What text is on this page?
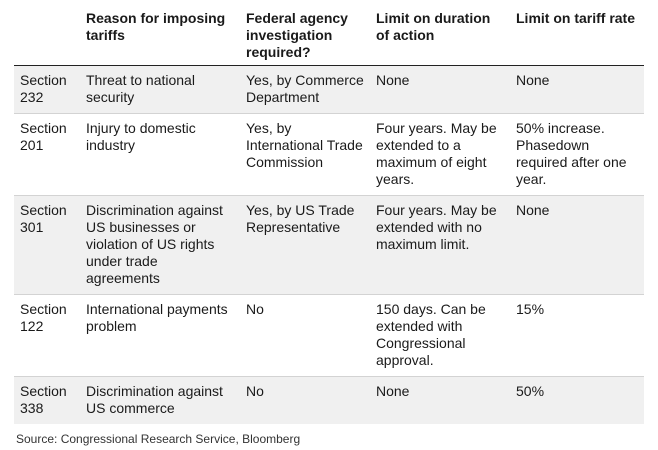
	Reason for imposing tariffs	Federal agency investigation required?	Limit on duration of action	Limit on tariff rate
Section 232	Threat to national security	Yes, by Commerce Department	None	None
Section 201	Injury to domestic industry	Yes, by International Trade Commission	Four years. May be extended to a maximum of eight years.	50% increase. Phasedown required after one year.
Section 301	Discrimination against US businesses or violation of US rights under trade agreements	Yes, by US Trade Representative	Four years. May be extended with no maximum limit.	None
Section 122	International payments problem	No	150 days. Can be extended with Congressional approval.	15%
Section 338	Discrimination against US commerce	No	None	50%
Source: Congressional Research Service, Bloomberg
